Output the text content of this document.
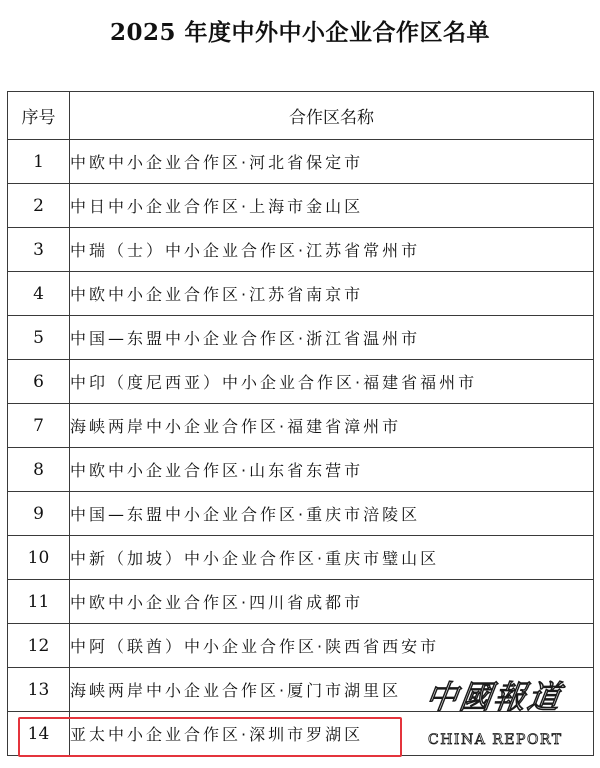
2025 年度中外中小企业合作区名单
序号	合作区名称
1	中欧中小企业合作区·河北省保定市
2	中日中小企业合作区·上海市金山区
3	中瑞（士）中小企业合作区·江苏省常州市
4	中欧中小企业合作区·江苏省南京市
5	中国—东盟中小企业合作区·浙江省温州市
6	中印（度尼西亚）中小企业合作区·福建省福州市
7	海峡两岸中小企业合作区·福建省漳州市
8	中欧中小企业合作区·山东省东营市
9	中国—东盟中小企业合作区·重庆市涪陵区
10	中新（加坡）中小企业合作区·重庆市璧山区
11	中欧中小企业合作区·四川省成都市
12	中阿（联酋）中小企业合作区·陕西省西安市
13	海峡两岸中小企业合作区·厦门市湖里区
14	亚太中小企业合作区·深圳市罗湖区
中國報道
CHINA REPORT
